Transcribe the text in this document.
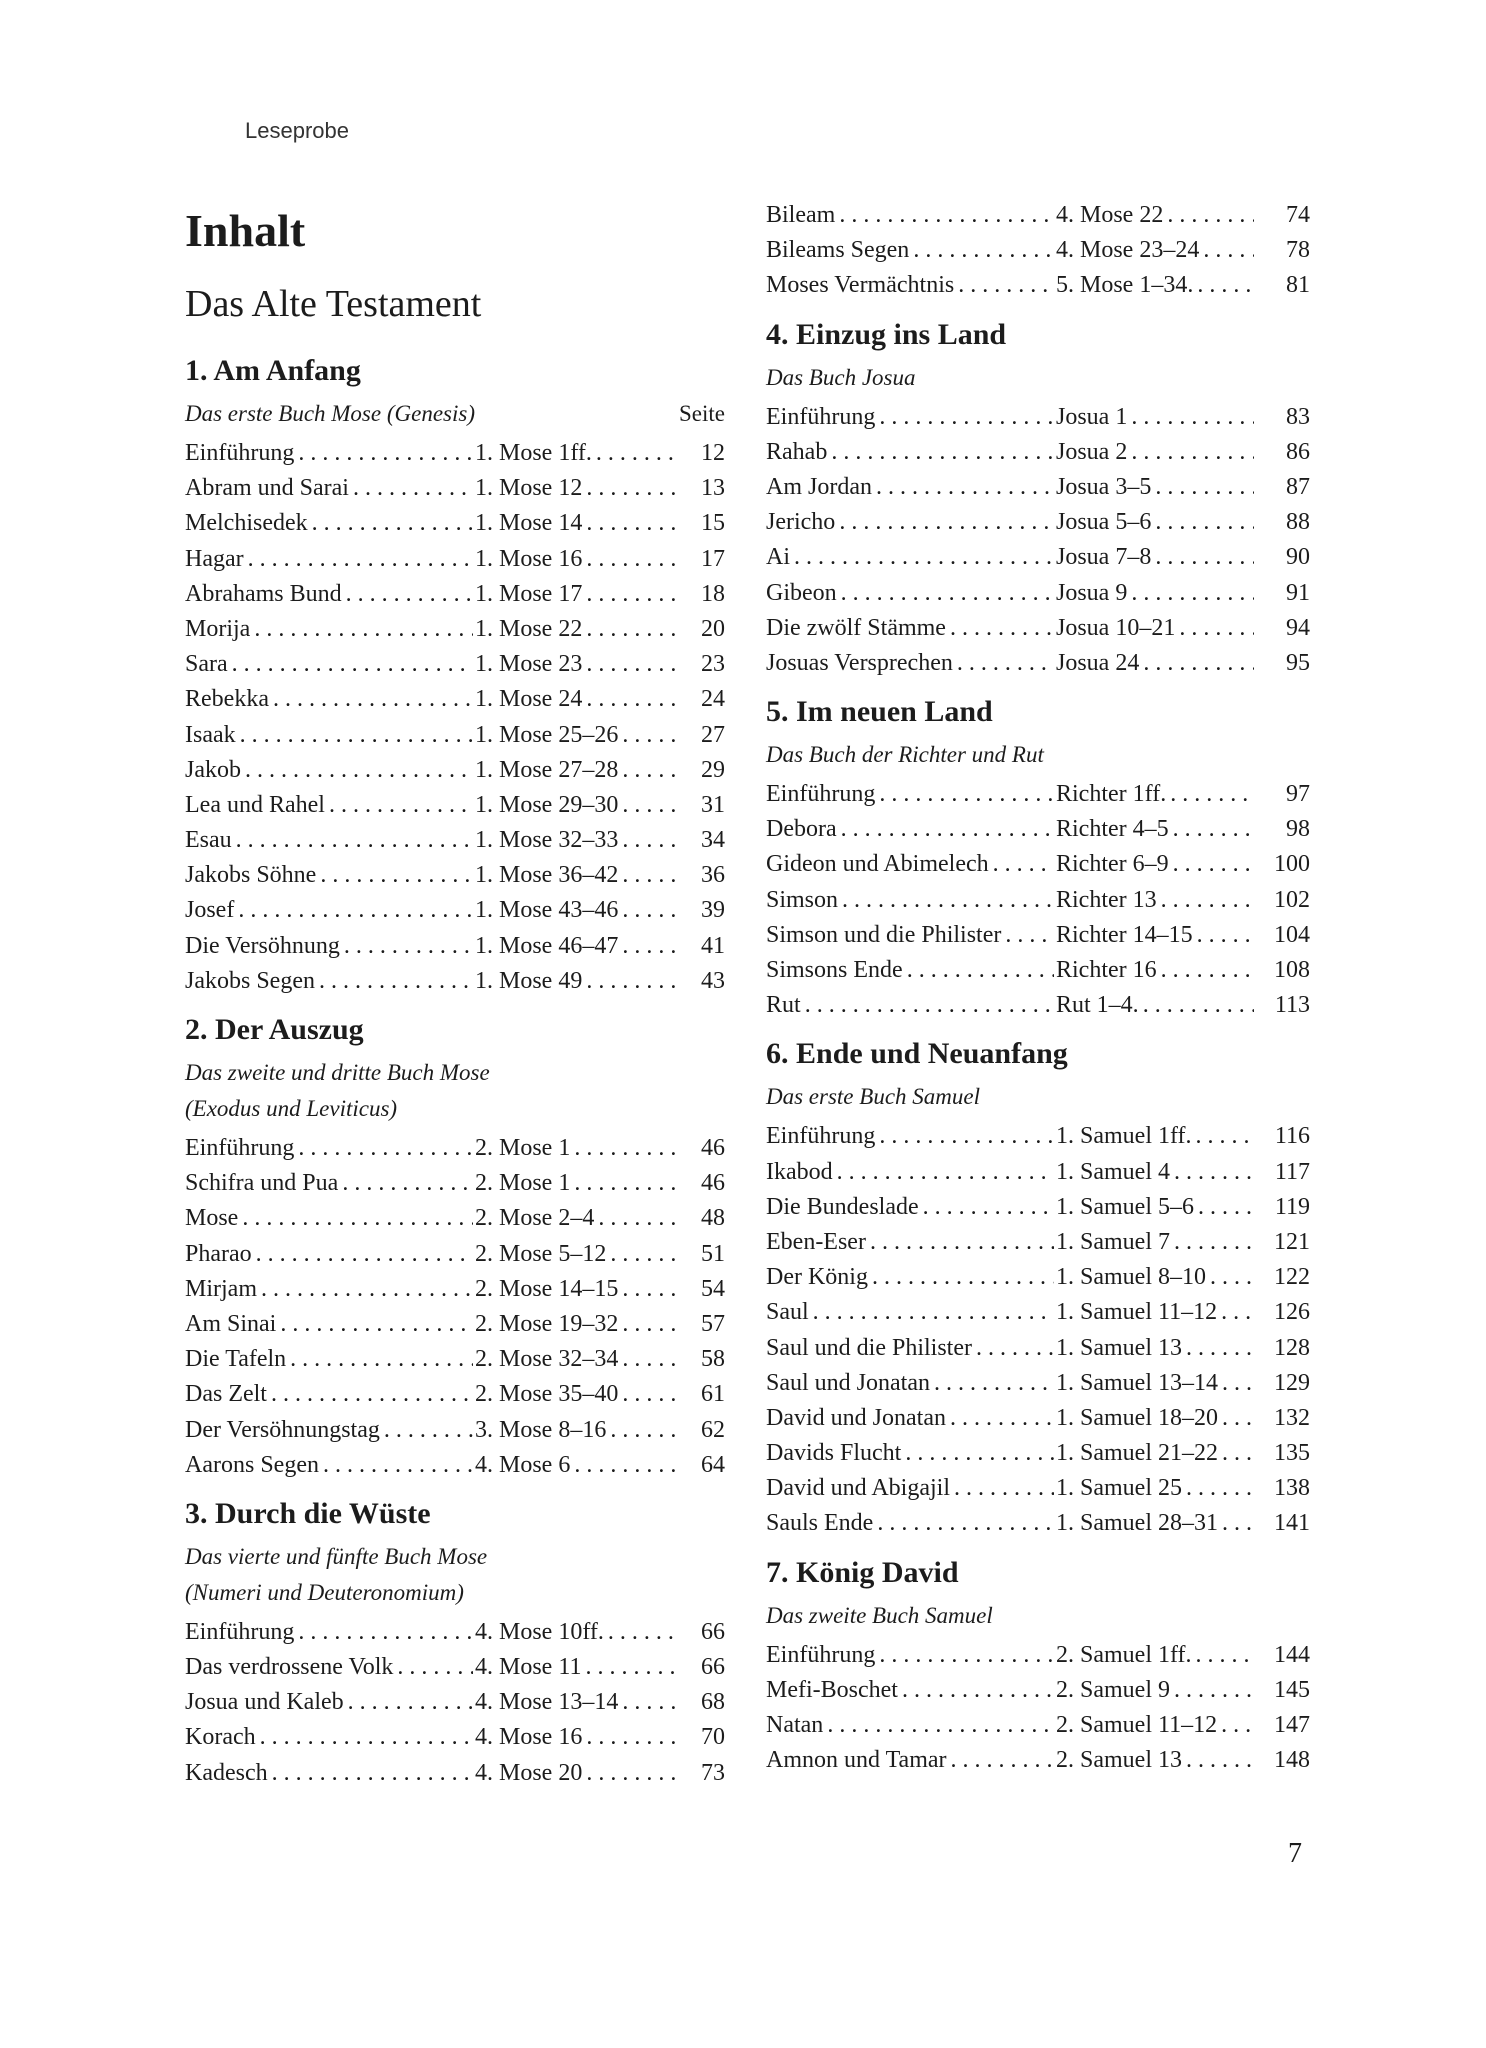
Leseprobe
Inhalt
Das Alte Testament
1. Am Anfang
Das erste Buch Mose (Genesis)	Seite
Einführung . . .	1. Mose 1ff. . . .	12
Abram und Sarai . . .	1. Mose 12 . . .	13
Melchisedek . . .	1. Mose 14 . . .	15
Hagar . . .	1. Mose 16 . . .	17
Abrahams Bund . . .	1. Mose 17 . . .	18
Morija . . .	1. Mose 22 . . .	20
Sara . . .	1. Mose 23 . . .	23
Rebekka . . .	1. Mose 24 . . .	24
Isaak . . .	1. Mose 25–26 . . .	27
Jakob . . .	1. Mose 27–28 . . .	29
Lea und Rahel . . .	1. Mose 29–30 . . .	31
Esau . . .	1. Mose 32–33 . . .	34
Jakobs Söhne . . .	1. Mose 36–42 . . .	36
Josef . . .	1. Mose 43–46 . . .	39
Die Versöhnung . . .	1. Mose 46–47 . . .	41
Jakobs Segen . . .	1. Mose 49 . . .	43
2. Der Auszug
Das zweite und dritte Buch Mose
(Exodus und Leviticus)
Einführung . . .	2. Mose 1 . . .	46
Schifra und Pua . . .	2. Mose 1 . . .	46
Mose . . .	2. Mose 2–4 . . .	48
Pharao . . .	2. Mose 5–12 . . .	51
Mirjam . . .	2. Mose 14–15 . . .	54
Am Sinai . . .	2. Mose 19–32 . . .	57
Die Tafeln . . .	2. Mose 32–34 . . .	58
Das Zelt . . .	2. Mose 35–40 . . .	61
Der Versöhnungstag . . .	3. Mose 8–16 . . .	62
Aarons Segen . . .	4. Mose 6 . . .	64
3. Durch die Wüste
Das vierte und fünfte Buch Mose
(Numeri und Deuteronomium)
Einführung . . .	4. Mose 10ff. . . .	66
Das verdrossene Volk . . .	4. Mose 11 . . .	66
Josua und Kaleb . . .	4. Mose 13–14 . . .	68
Korach . . .	4. Mose 16 . . .	70
Kadesch . . .	4. Mose 20 . . .	73
Bileam . . .	4. Mose 22 . . .	74
Bileams Segen . . .	4. Mose 23–24 . . .	78
Moses Vermächtnis . . .	5. Mose 1–34. . . .	81
4. Einzug ins Land
Das Buch Josua
Einführung . . .	Josua 1 . . .	83
Rahab . . .	Josua 2 . . .	86
Am Jordan . . .	Josua 3–5 . . .	87
Jericho . . .	Josua 5–6 . . .	88
Ai . . .	Josua 7–8 . . .	90
Gibeon . . .	Josua 9 . . .	91
Die zwölf Stämme . . .	Josua 10–21 . . .	94
Josuas Versprechen . . .	Josua 24 . . .	95
5. Im neuen Land
Das Buch der Richter und Rut
Einführung . . .	Richter 1ff. . . .	97
Debora . . .	Richter 4–5 . . .	98
Gideon und Abimelech . . .	Richter 6–9 . . .	100
Simson . . .	Richter 13 . . .	102
Simson und die Philister . . . Richter 14–15 . . .	104
Simsons Ende . . .	Richter 16 . . .	108
Rut . . .	Rut 1–4. . . .	113
6. Ende und Neuanfang
Das erste Buch Samuel
Einführung . . .	1. Samuel 1ff. . . .	116
Ikabod . . .	1. Samuel 4 . . .	117
Die Bundeslade . . .	1. Samuel 5–6 . . .	119
Eben-Eser . . .	1. Samuel 7 . . .	121
Der König . . .	1. Samuel 8–10 . . .	122
Saul . . .	1. Samuel 11–12 . . .	126
Saul und die Philister . . .	1. Samuel 13 . . .	128
Saul und Jonatan . . .	1. Samuel 13–14 . . .	129
David und Jonatan . . .	1. Samuel 18–20 . . .	132
Davids Flucht . . .	1. Samuel 21–22 . . .	135
David und Abigajil . . .	1. Samuel 25 . . .	138
Sauls Ende . . .	1. Samuel 28–31 . . .	141
7. König David
Das zweite Buch Samuel
Einführung . . .	2. Samuel 1ff. . . .	144
Mefi-Boschet . . .	2. Samuel 9 . . .	145
Natan . . .	2. Samuel 11–12 . . .	147
Amnon und Tamar . . .	2. Samuel 13 . . .	148
7
